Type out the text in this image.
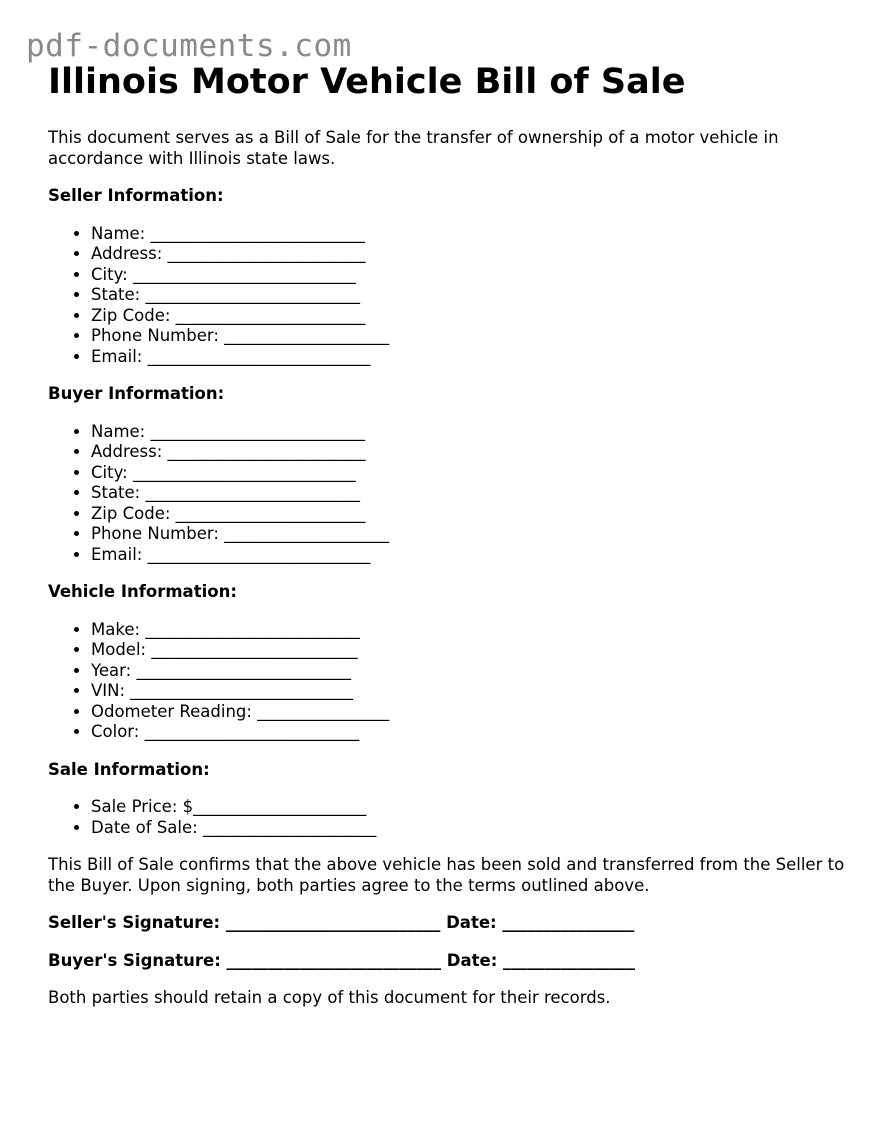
pdf-documents.com
Illinois Motor Vehicle Bill of Sale

This document serves as a Bill of Sale for the transfer of ownership of a motor vehicle in accordance with Illinois state laws.

Seller Information:
• Name: __________________________
• Address: ________________________
• City: ___________________________
• State: __________________________
• Zip Code: _______________________
• Phone Number: ____________________
• Email: ___________________________
Buyer Information:
• Name: __________________________
• Address: ________________________
• City: ___________________________
• State: __________________________
• Zip Code: _______________________
• Phone Number: ____________________
• Email: ___________________________
Vehicle Information:
• Make: __________________________
• Model: _________________________
• Year: __________________________
• VIN: ___________________________
• Odometer Reading: ________________
• Color: __________________________
Sale Information:
• Sale Price: $_____________________
• Date of Sale: _____________________

This Bill of Sale confirms that the above vehicle has been sold and transferred from the Seller to the Buyer. Upon signing, both parties agree to the terms outlined above.

Seller's Signature: __________________________ Date: ________________
Buyer's Signature: __________________________ Date: ________________

Both parties should retain a copy of this document for their records.
